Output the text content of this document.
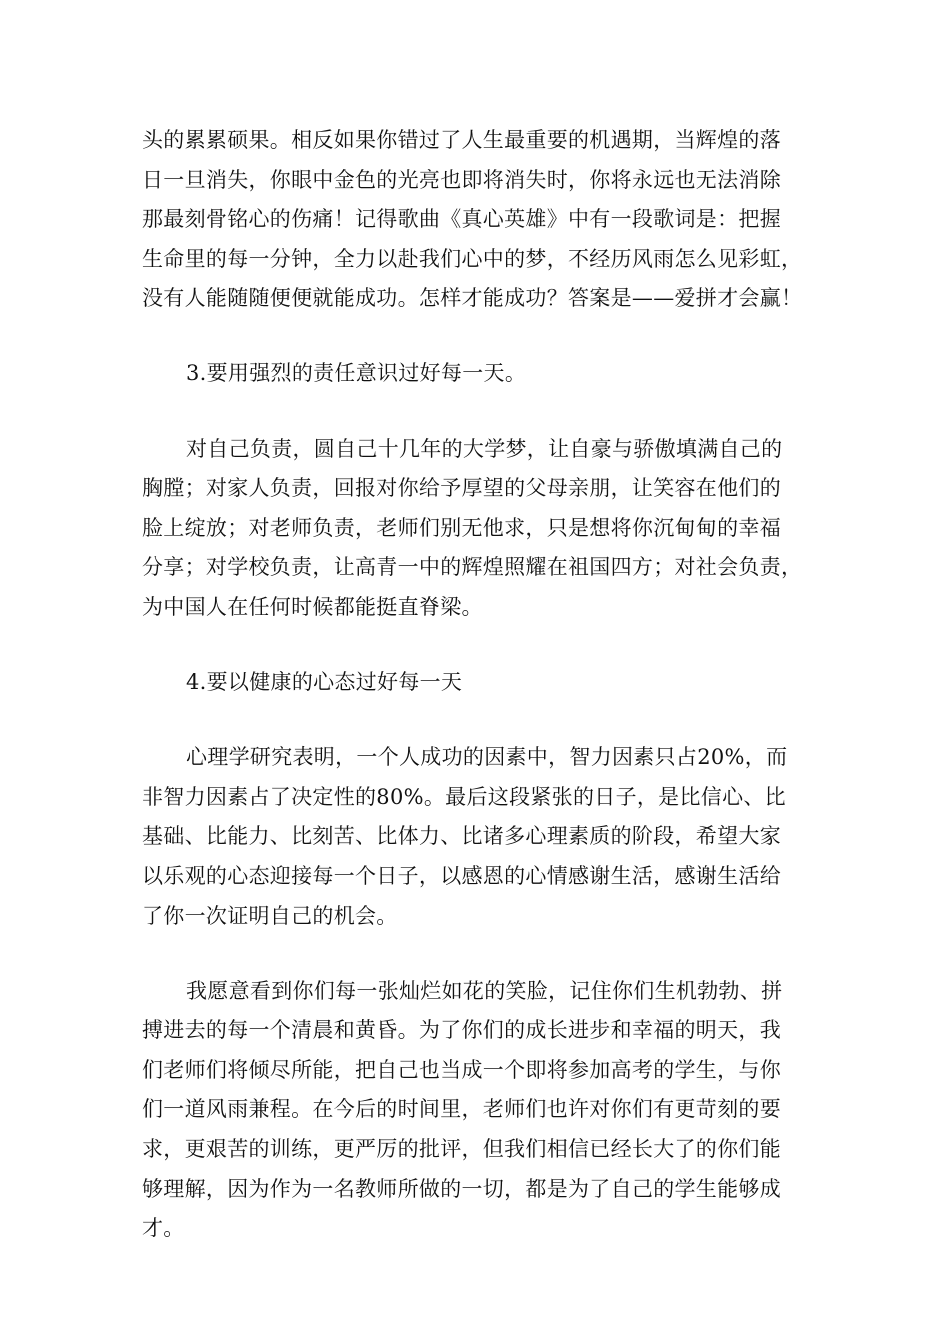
头的累累硕果。相反如果你错过了人生最重要的机遇期，当辉煌的落
日一旦消失，你眼中金色的光亮也即将消失时，你将永远也无法消除
那最刻骨铭心的伤痛！记得歌曲《真心英雄》中有一段歌词是：把握
生命里的每一分钟，全力以赴我们心中的梦，不经历风雨怎么见彩虹，
没有人能随随便便就能成功。怎样才能成功？答案是——爱拼才会赢！

3.要用强烈的责任意识过好每一天。

对自己负责，圆自己十几年的大学梦，让自豪与骄傲填满自己的
胸膛；对家人负责，回报对你给予厚望的父母亲朋，让笑容在他们的
脸上绽放；对老师负责，老师们别无他求，只是想将你沉甸甸的幸福
分享；对学校负责，让高青一中的辉煌照耀在祖国四方；对社会负责，
为中国人在任何时候都能挺直脊梁。

4.要以健康的心态过好每一天

心理学研究表明，一个人成功的因素中，智力因素只占20%，而
非智力因素占了决定性的80%。最后这段紧张的日子，是比信心、比
基础、比能力、比刻苦、比体力、比诸多心理素质的阶段，希望大家
以乐观的心态迎接每一个日子，以感恩的心情感谢生活，感谢生活给
了你一次证明自己的机会。

我愿意看到你们每一张灿烂如花的笑脸，记住你们生机勃勃、拼
搏进去的每一个清晨和黄昏。为了你们的成长进步和幸福的明天，我
们老师们将倾尽所能，把自己也当成一个即将参加高考的学生，与你
们一道风雨兼程。在今后的时间里，老师们也许对你们有更苛刻的要
求，更艰苦的训练，更严厉的批评，但我们相信已经长大了的你们能
够理解，因为作为一名教师所做的一切，都是为了自己的学生能够成
才。
